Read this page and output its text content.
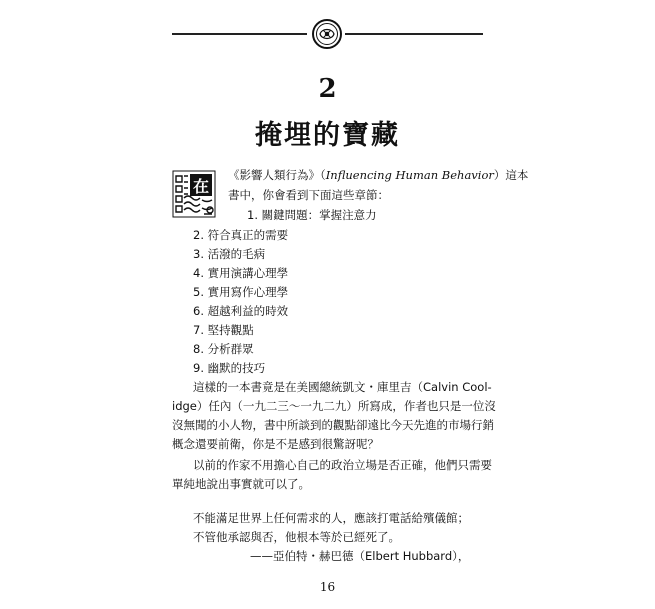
2
掩埋的寶藏
在
《影響人類行為》（Influencing Human Behavior）這本
書中，你會看到下面這些章節：
1. 關鍵問題：掌握注意力
2. 符合真正的需要
3. 活潑的毛病
4. 實用演講心理學
5. 實用寫作心理學
6. 超越利益的時效
7. 堅持觀點
8. 分析群眾
9. 幽默的技巧
這樣的一本書竟是在美國總統凱文・庫里吉（Calvin Cool-
idge）任內（一九二三～一九二九）所寫成，作者也只是一位沒
沒無聞的小人物，書中所談到的觀點卻遠比今天先進的市場行銷
概念還要前衛，你是不是感到很驚訝呢？
以前的作家不用擔心自己的政治立場是否正確，他們只需要
單純地說出事實就可以了。
不能滿足世界上任何需求的人，應該打電話給殯儀館；
不管他承認與否，他根本等於已經死了。
——亞伯特・赫巴德（Elbert Hubbard），
16
